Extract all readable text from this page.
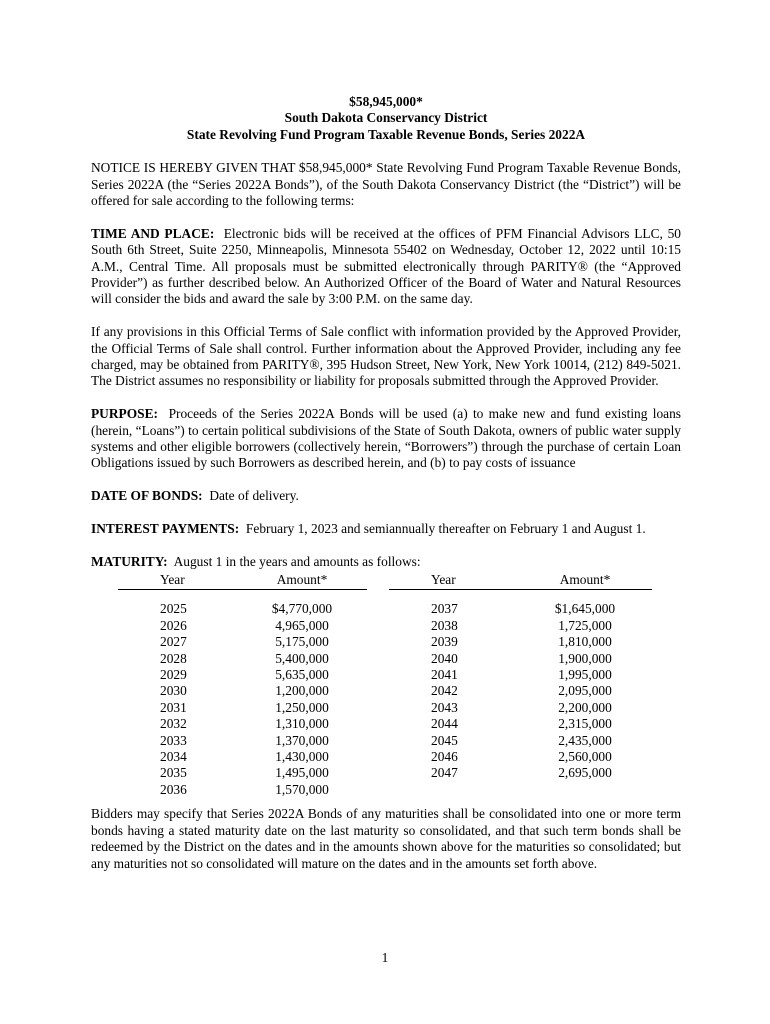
$58,945,000*
South Dakota Conservancy District
State Revolving Fund Program Taxable Revenue Bonds, Series 2022A

NOTICE IS HEREBY GIVEN THAT $58,945,000* State Revolving Fund Program Taxable Revenue Bonds, Series 2022A (the “Series 2022A Bonds”), of the South Dakota Conservancy District (the “District”) will be offered for sale according to the following terms:

TIME AND PLACE: Electronic bids will be received at the offices of PFM Financial Advisors LLC, 50 South 6th Street, Suite 2250, Minneapolis, Minnesota 55402 on Wednesday, October 12, 2022 until 10:15 A.M., Central Time. All proposals must be submitted electronically through PARITY® (the “Approved Provider”) as further described below. An Authorized Officer of the Board of Water and Natural Resources will consider the bids and award the sale by 3:00 P.M. on the same day.

If any provisions in this Official Terms of Sale conflict with information provided by the Approved Provider, the Official Terms of Sale shall control. Further information about the Approved Provider, including any fee charged, may be obtained from PARITY®, 395 Hudson Street, New York, New York 10014, (212) 849-5021. The District assumes no responsibility or liability for proposals submitted through the Approved Provider.

PURPOSE: Proceeds of the Series 2022A Bonds will be used (a) to make new and fund existing loans (herein, “Loans”) to certain political subdivisions of the State of South Dakota, owners of public water supply systems and other eligible borrowers (collectively herein, “Borrowers”) through the purchase of certain Loan Obligations issued by such Borrowers as described herein, and (b) to pay costs of issuance

DATE OF BONDS: Date of delivery.

INTEREST PAYMENTS: February 1, 2023 and semiannually thereafter on February 1 and August 1.

MATURITY: August 1 in the years and amounts as follows:

Year
2025
2026
2027
2028
2029
2030
2031
2032
2033
2034
2035
2036
Amount*
$4,770,000
4,965,000
5,175,000
5,400,000
5,635,000
1,200,000
1,250,000
1,310,000
1,370,000
1,430,000
1,495,000
1,570,000
Year
2037
2038
2039
2040
2041
2042
2043
2044
2045
2046
2047
Amount*
$1,645,000
1,725,000
1,810,000
1,900,000
1,995,000
2,095,000
2,200,000
2,315,000
2,435,000
2,560,000
2,695,000

Bidders may specify that Series 2022A Bonds of any maturities shall be consolidated into one or more term bonds having a stated maturity date on the last maturity so consolidated, and that such term bonds shall be redeemed by the District on the dates and in the amounts shown above for the maturities so consolidated; but any maturities not so consolidated will mature on the dates and in the amounts set forth above.

1
